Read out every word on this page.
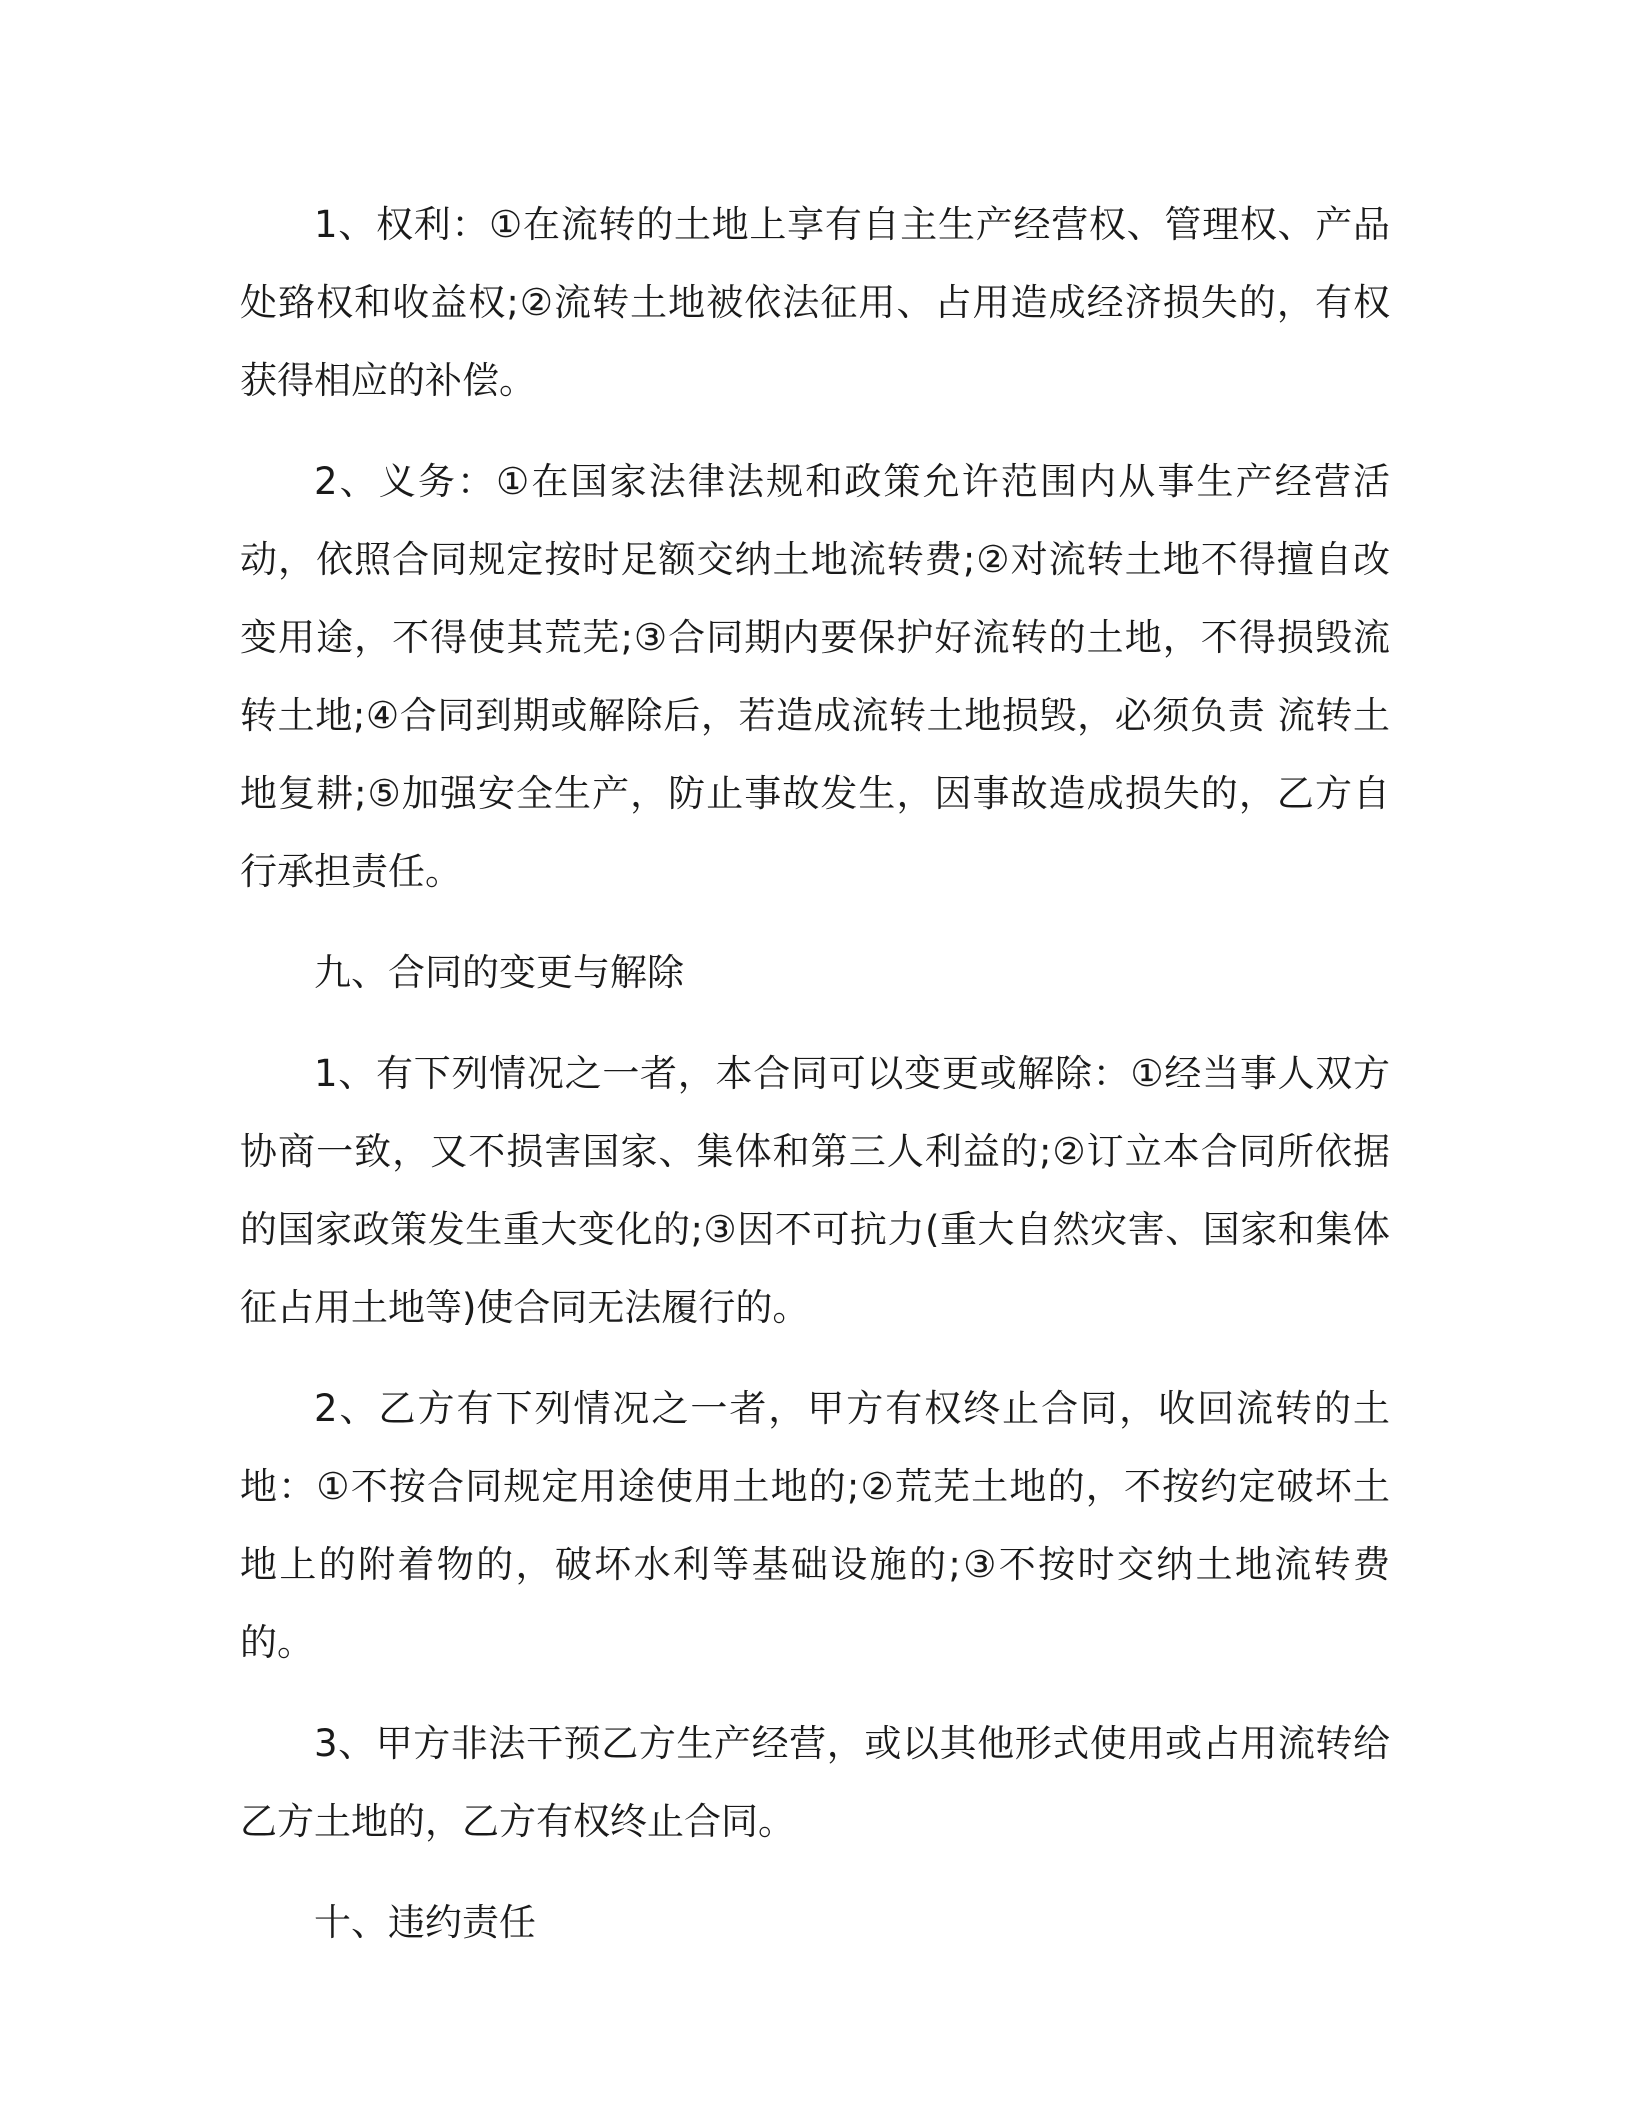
1、权利：①在流转的土地上享有自主生产经营权、管理权、产品处臵权和收益权;②流转土地被依法征用、占用造成经济损失的，有权获得相应的补偿。

2、义务：①在国家法律法规和政策允许范围内从事生产经营活动，依照合同规定按时足额交纳土地流转费;②对流转土地不得擅自改变用途，不得使其荒芜;③合同期内要保护好流转的土地，不得损毁流转土地;④合同到期或解除后，若造成流转土地损毁，必须负责 流转土地复耕;⑤加强安全生产，防止事故发生，因事故造成损失的，乙方自行承担责任。

九、合同的变更与解除

1、有下列情况之一者，本合同可以变更或解除：①经当事人双方协商一致，又不损害国家、集体和第三人利益的;②订立本合同所依据的国家政策发生重大变化的;③因不可抗力(重大自然灾害、国家和集体征占用土地等)使合同无法履行的。

2、乙方有下列情况之一者，甲方有权终止合同，收回流转的土地：①不按合同规定用途使用土地的;②荒芜土地的，不按约定破坏土地上的附着物的，破坏水利等基础设施的;③不按时交纳土地流转费的。

3、甲方非法干预乙方生产经营，或以其他形式使用或占用流转给乙方土地的，乙方有权终止合同。

十、违约责任
